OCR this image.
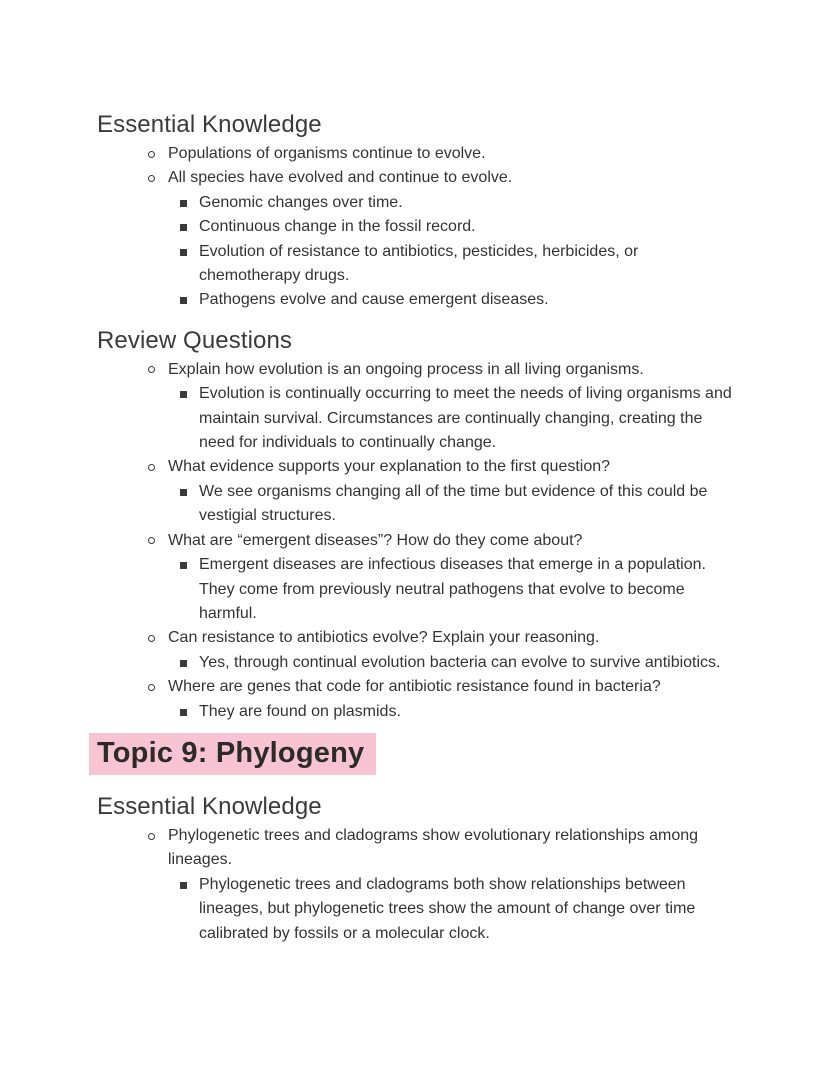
Essential Knowledge
Populations of organisms continue to evolve.
All species have evolved and continue to evolve.
Genomic changes over time.
Continuous change in the fossil record.
Evolution of resistance to antibiotics, pesticides, herbicides, or chemotherapy drugs.
Pathogens evolve and cause emergent diseases.
Review Questions
Explain how evolution is an ongoing process in all living organisms.
Evolution is continually occurring to meet the needs of living organisms and maintain survival. Circumstances are continually changing, creating the need for individuals to continually change.
What evidence supports your explanation to the first question?
We see organisms changing all of the time but evidence of this could be vestigial structures.
What are “emergent diseases”? How do they come about?
Emergent diseases are infectious diseases that emerge in a population. They come from previously neutral pathogens that evolve to become harmful.
Can resistance to antibiotics evolve? Explain your reasoning.
Yes, through continual evolution bacteria can evolve to survive antibiotics.
Where are genes that code for antibiotic resistance found in bacteria?
They are found on plasmids.
Topic 9: Phylogeny
Essential Knowledge
Phylogenetic trees and cladograms show evolutionary relationships among lineages.
Phylogenetic trees and cladograms both show relationships between lineages, but phylogenetic trees show the amount of change over time calibrated by fossils or a molecular clock.
